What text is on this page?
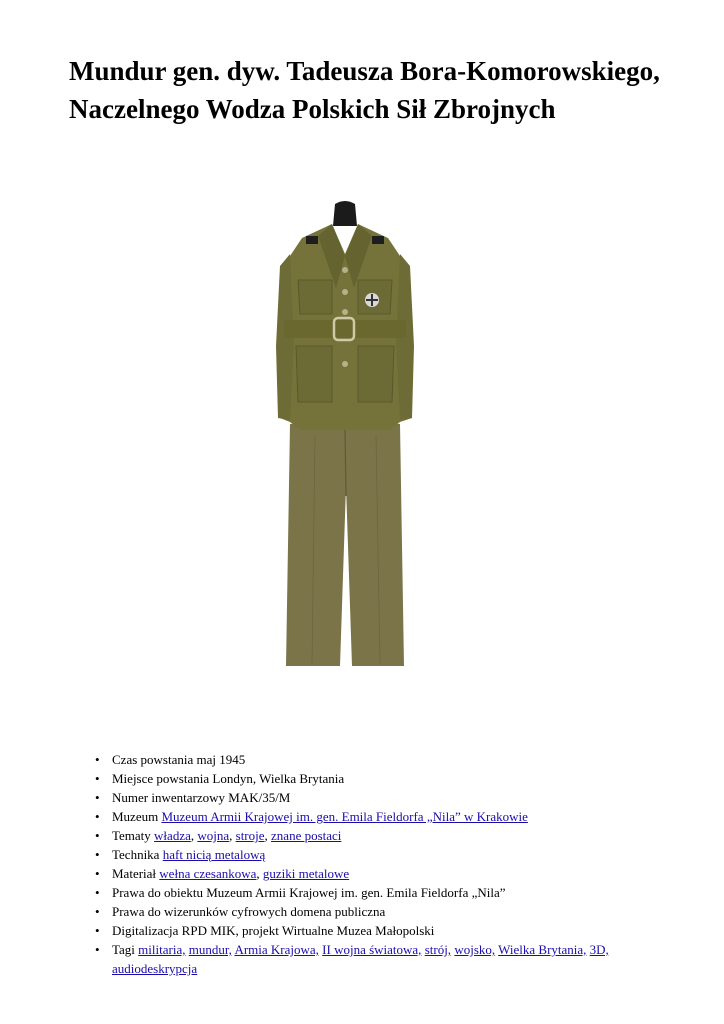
Mundur gen. dyw. Tadeusza Bora-Komorowskiego, Naczelnego Wodza Polskich Sił Zbrojnych
• Czas powstania maj 1945
• Miejsce powstania Londyn, Wielka Brytania
• Numer inwentarzowy MAK/35/M
• Muzeum Muzeum Armii Krajowej im. gen. Emila Fieldorfa „Nila” w Krakowie
• Tematy władza, wojna, stroje, znane postaci
• Technika haft nicią metalową
• Materiał wełna czesankowa, guziki metalowe
• Prawa do obiektu Muzeum Armii Krajowej im. gen. Emila Fieldorfa „Nila”
• Prawa do wizerunków cyfrowych domena publiczna
• Digitalizacja RPD MIK, projekt Wirtualne Muzea Małopolski
• Tagi militaria, mundur, Armia Krajowa, II wojna światowa, strój, wojsko, Wielka Brytania, 3D, audiodeskrypcja
